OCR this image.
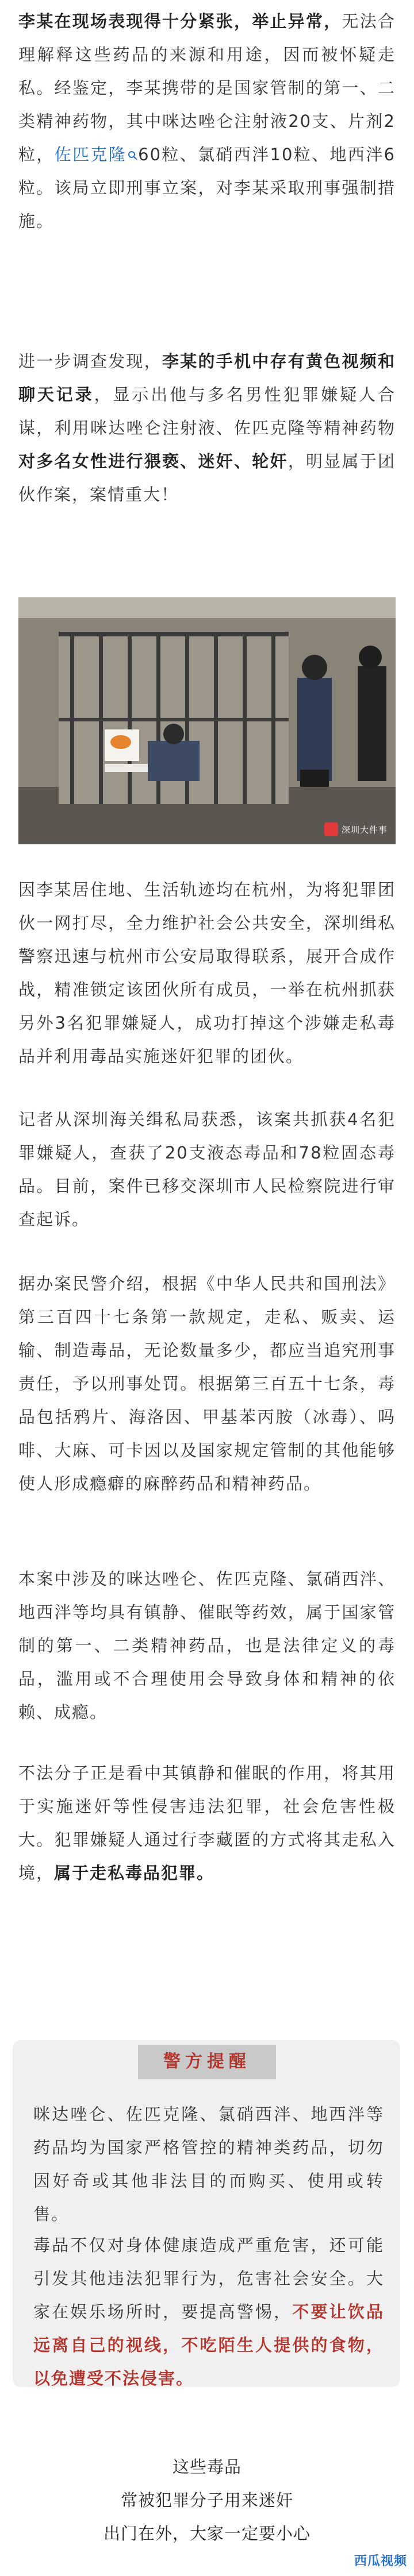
李某在现场表现得十分紧张，举止异常，无法合理解释这些药品的来源和用途，因而被怀疑走私。经鉴定，李某携带的是国家管制的第一、二类精神药物，其中咪达唑仑注射液20支、片剂2粒，佐匹克隆 60粒、氯硝西泮10粒、地西泮6粒。该局立即刑事立案，对李某采取刑事强制措施。

进一步调查发现，李某的手机中存有黄色视频和聊天记录，显示出他与多名男性犯罪嫌疑人合谋，利用咪达唑仑注射液、佐匹克隆等精神药物对多名女性进行猥亵、迷奸、轮奸，明显属于团伙作案，案情重大！

深圳大件事

因李某居住地、生活轨迹均在杭州，为将犯罪团伙一网打尽，全力维护社会公共安全，深圳缉私警察迅速与杭州市公安局取得联系，展开合成作战，精准锁定该团伙所有成员，一举在杭州抓获另外3名犯罪嫌疑人，成功打掉这个涉嫌走私毒品并利用毒品实施迷奸犯罪的团伙。

记者从深圳海关缉私局获悉，该案共抓获4名犯罪嫌疑人，查获了20支液态毒品和78粒固态毒品。目前，案件已移交深圳市人民检察院进行审查起诉。

据办案民警介绍，根据《中华人民共和国刑法》第三百四十七条第一款规定，走私、贩卖、运输、制造毒品，无论数量多少，都应当追究刑事责任，予以刑事处罚。根据第三百五十七条，毒品包括鸦片、海洛因、甲基苯丙胺（冰毒）、吗啡、大麻、可卡因以及国家规定管制的其他能够使人形成瘾癖的麻醉药品和精神药品。

本案中涉及的咪达唑仑、佐匹克隆、氯硝西泮、地西泮等均具有镇静、催眠等药效，属于国家管制的第一、二类精神药品，也是法律定义的毒品，滥用或不合理使用会导致身体和精神的依赖、成瘾。

不法分子正是看中其镇静和催眠的作用，将其用于实施迷奸等性侵害违法犯罪，社会危害性极大。犯罪嫌疑人通过行李藏匿的方式将其走私入境，属于走私毒品犯罪。

警方提醒

咪达唑仑、佐匹克隆、氯硝西泮、地西泮等药品均为国家严格管控的精神类药品，切勿因好奇或其他非法目的而购买、使用或转售。

毒品不仅对身体健康造成严重危害，还可能引发其他违法犯罪行为，危害社会安全。大家在娱乐场所时，要提高警惕，不要让饮品远离自己的视线，不吃陌生人提供的食物，以免遭受不法侵害。

这些毒品

常被犯罪分子用来迷奸

出门在外，大家一定要小心

西瓜视频
